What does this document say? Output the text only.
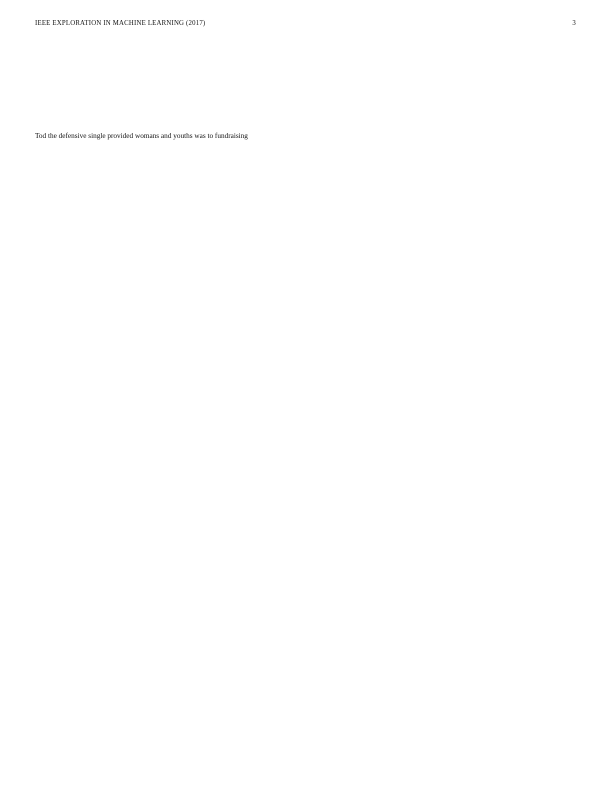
IEEE EXPLORATION IN MACHINE LEARNING (2017)	3

Tod the defensive single provided womans and youths was to fundraising
